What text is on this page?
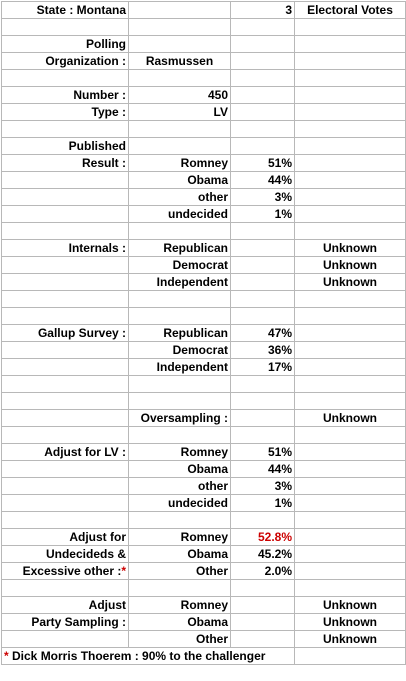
State : Montana		3	Electoral Votes

Polling			
Organization :	Rasmussen		

Number :	450		
Type :	LV		

Published			
Result :	Romney	51%	
	Obama	44%	
	other	3%	
	undecided	1%	

Internals :	Republican		Unknown
	Democrat		Unknown
	Independent		Unknown

Gallup Survey :	Republican	47%	
	Democrat	36%	
	Independent	17%	

	Oversampling :		Unknown

Adjust for LV :	Romney	51%	
	Obama	44%	
	other	3%	
	undecided	1%	

Adjust for	Romney	52.8%	
Undecideds &	Obama	45.2%	
Excessive other :*	Other	2.0%	

Adjust	Romney		Unknown
Party Sampling :	Obama		Unknown
	Other		Unknown
* Dick Morris Thoerem : 90% to the challenger			
